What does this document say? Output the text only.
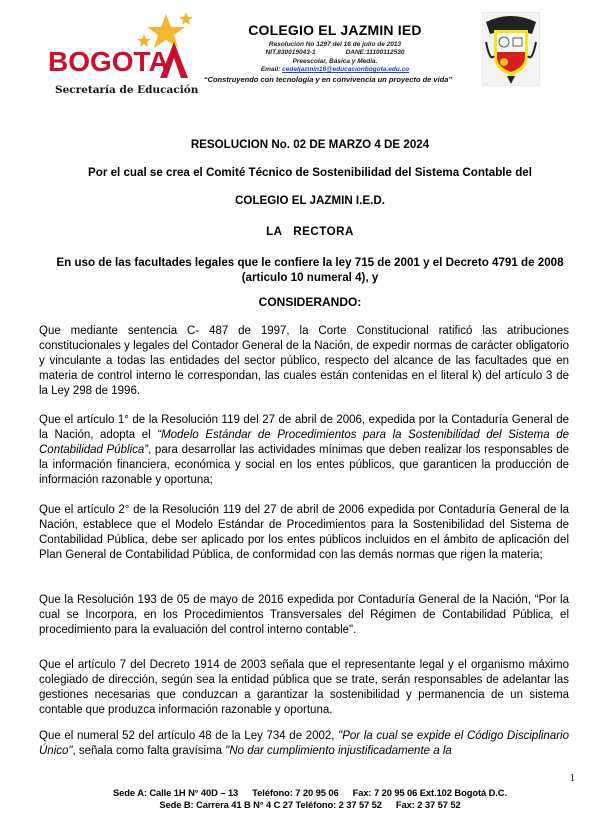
BOGOTA
Secretaría de Educación
COLEGIO EL JAZMIN IED
Resolución No 1297 del 16 de julio de 2013
NIT.830019043-1	DANE:11100112530
Preescolar, Básica y Media.
Email: cedeljazmin16@educacionbogota.edu.co
“Construyendo con tecnología y en convivencia un proyecto de vida”
RESOLUCION No. 02 DE MARZO 4 DE 2024
Por el cual se crea el Comité Técnico de Sostenibilidad del Sistema Contable del
COLEGIO EL JAZMIN I.E.D.
LA   RECTORA
En uso de las facultades legales que le confiere la ley 715 de 2001 y el Decreto 4791 de 2008 (articulo 10 numeral 4), y
CONSIDERANDO:
Que mediante sentencia C- 487 de 1997, la Corte Constitucional ratificó las atribuciones constitucionales y legales del Contador General de la Nación, de expedir normas de carácter obligatorio y vinculante a todas las entidades del sector público, respecto del alcance de las facultades que en materia de control interno le correspondan, las cuales están contenidas en el literal k) del artículo 3 de la Ley 298 de 1996.
Que el artículo 1° de la Resolución 119 del 27 de abril de 2006, expedida por la Contaduría General de la Nación, adopta el “Modelo Estándar de Procedimientos para la Sostenibilidad del Sistema de Contabilidad Pública”, para desarrollar las actividades mínimas que deben realizar los responsables de la información financiera, económica y social en los entes públicos, que garanticen la producción de información razonable y oportuna;
Que el artículo 2° de la Resolución 119 del 27 de abril de 2006 expedida por Contaduría General de la Nación, establece que el Modelo Estándar de Procedimientos para la Sostenibilidad del Sistema de Contabilidad Pública, debe ser aplicado por los entes públicos incluidos en el ámbito de aplicación del Plan General de Contabilidad Pública, de conformidad con las demás normas que rigen la materia;
Que la Resolución 193 de 05 de mayo de 2016 expedida por Contaduría General de la Nación, “Por la cual se Incorpora, en los Procedimientos Transversales del Régimen de Contabilidad Pública, el procedimiento para la evaluación del control interno contable".
Que el artículo 7 del Decreto 1914 de 2003 señala que el representante legal y el organismo máximo colegiado de dirección, según sea la entidad pública que se trate, serán responsables de adelantar las gestiones necesarias que conduzcan a garantizar la sostenibilidad y permanencia de un sistema contable que produzca información razonable y oportuna.
Que el numeral 52 del artículo 48 de la Ley 734 de 2002, "Por la cual se expide el Código Disciplinario Único", señala como falta gravísima "No dar cumplimiento injustificadamente a la
1
Sede A: Calle 1H N° 40D – 13 Teléfono: 7 20 95 06 Fax: 7 20 95 06 Ext.102 Bogotá D.C.
Sede B: Carrera 41 B N° 4 C 27 Teléfono: 2 37 57 52 Fax: 2 37 57 52
